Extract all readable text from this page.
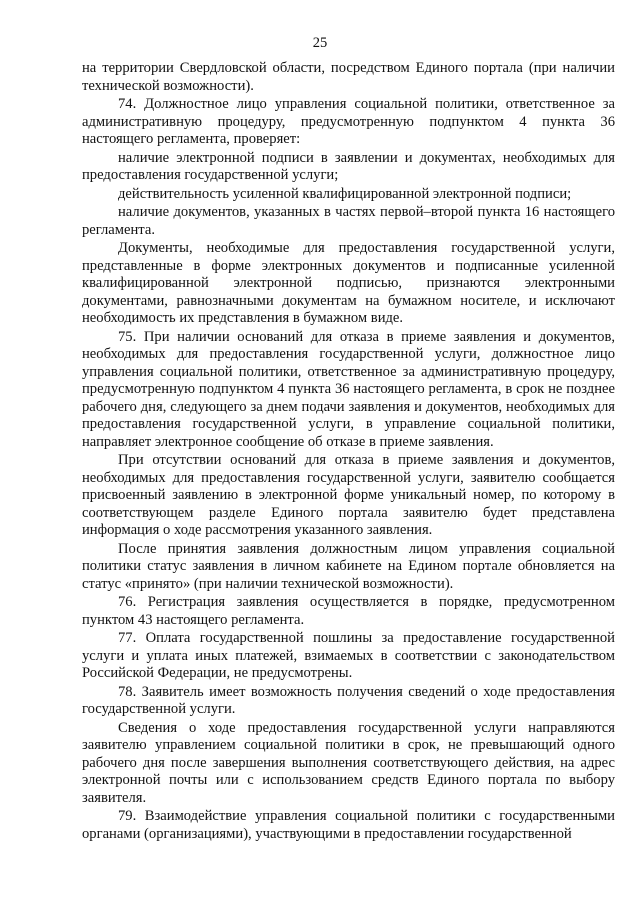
25

на территории Свердловской области, посредством Единого портала (при наличии технической возможности).

74. Должностное лицо управления социальной политики, ответственное за административную процедуру, предусмотренную подпунктом 4 пункта 36 настоящего регламента, проверяет:

наличие электронной подписи в заявлении и документах, необходимых для предоставления государственной услуги;

действительность усиленной квалифицированной электронной подписи;

наличие документов, указанных в частях первой–второй пункта 16 настоящего регламента.

Документы, необходимые для предоставления государственной услуги, представленные в форме электронных документов и подписанные усиленной квалифицированной электронной подписью, признаются электронными документами, равнозначными документам на бумажном носителе, и исключают необходимость их представления в бумажном виде.

75. При наличии оснований для отказа в приеме заявления и документов, необходимых для предоставления государственной услуги, должностное лицо управления социальной политики, ответственное за административную процедуру, предусмотренную подпунктом 4 пункта 36 настоящего регламента, в срок не позднее рабочего дня, следующего за днем подачи заявления и документов, необходимых для предоставления государственной услуги, в управление социальной политики, направляет электронное сообщение об отказе в приеме заявления.

При отсутствии оснований для отказа в приеме заявления и документов, необходимых для предоставления государственной услуги, заявителю сообщается присвоенный заявлению в электронной форме уникальный номер, по которому в соответствующем разделе Единого портала заявителю будет представлена информация о ходе рассмотрения указанного заявления.

После принятия заявления должностным лицом управления социальной политики статус заявления в личном кабинете на Едином портале обновляется на статус «принято» (при наличии технической возможности).

76. Регистрация заявления осуществляется в порядке, предусмотренном пунктом 43 настоящего регламента.

77. Оплата государственной пошлины за предоставление государственной услуги и уплата иных платежей, взимаемых в соответствии с законодательством Российской Федерации, не предусмотрены.

78. Заявитель имеет возможность получения сведений о ходе предоставления государственной услуги.

Сведения о ходе предоставления государственной услуги направляются заявителю управлением социальной политики в срок, не превышающий одного рабочего дня после завершения выполнения соответствующего действия, на адрес электронной почты или с использованием средств Единого портала по выбору заявителя.

79. Взаимодействие управления социальной политики с государственными органами (организациями), участвующими в предоставлении государственной
